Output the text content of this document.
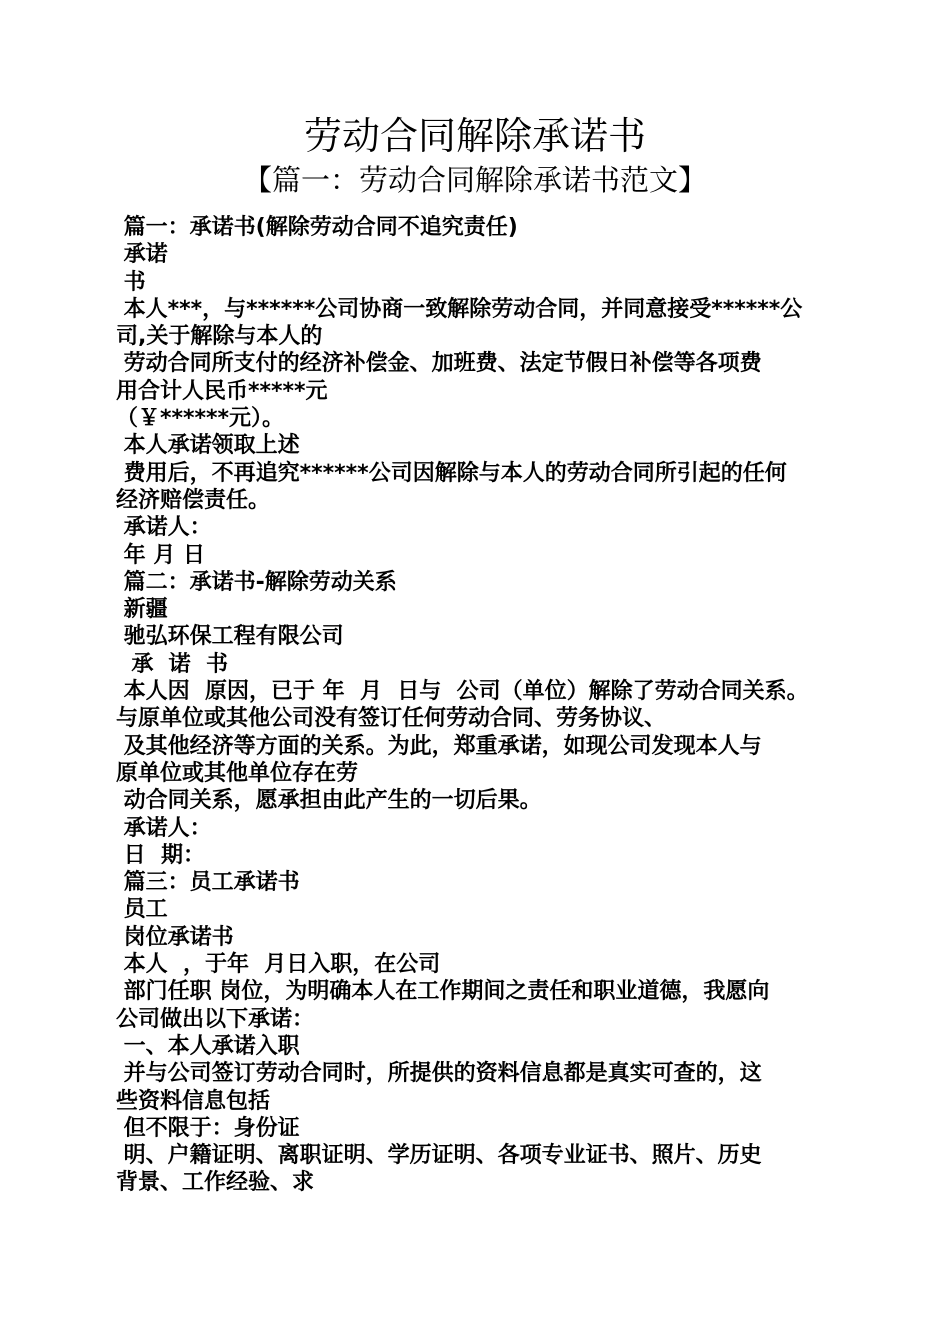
劳动合同解除承诺书
【篇一：劳动合同解除承诺书范文】
篇一：承诺书(解除劳动合同不追究责任)
承诺
书
本人***，与******公司协商一致解除劳动合同，并同意接受******公
司,关于解除与本人的
劳动合同所支付的经济补偿金、加班费、法定节假日补偿等各项费
用合计人民币*****元
（￥******元）。
本人承诺领取上述
费用后，不再追究******公司因解除与本人的劳动合同所引起的任何
经济赔偿责任。
承诺人：
年 月 日
篇二：承诺书-解除劳动关系
新疆
驰弘环保工程有限公司
承  诺  书
本人因  原因，已于 年  月  日与  公司（单位）解除了劳动合同关系。
与原单位或其他公司没有签订任何劳动合同、劳务协议、
及其他经济等方面的关系。为此，郑重承诺，如现公司发现本人与
原单位或其他单位存在劳
动合同关系，愿承担由此产生的一切后果。
承诺人：
日  期：
篇三：员工承诺书
员工
岗位承诺书
本人  ，于年  月日入职，在公司
部门任职 岗位，为明确本人在工作期间之责任和职业道德，我愿向
公司做出以下承诺：
一、本人承诺入职
并与公司签订劳动合同时，所提供的资料信息都是真实可查的，这
些资料信息包括
但不限于：身份证
明、户籍证明、离职证明、学历证明、各项专业证书、照片、历史
背景、工作经验、求
